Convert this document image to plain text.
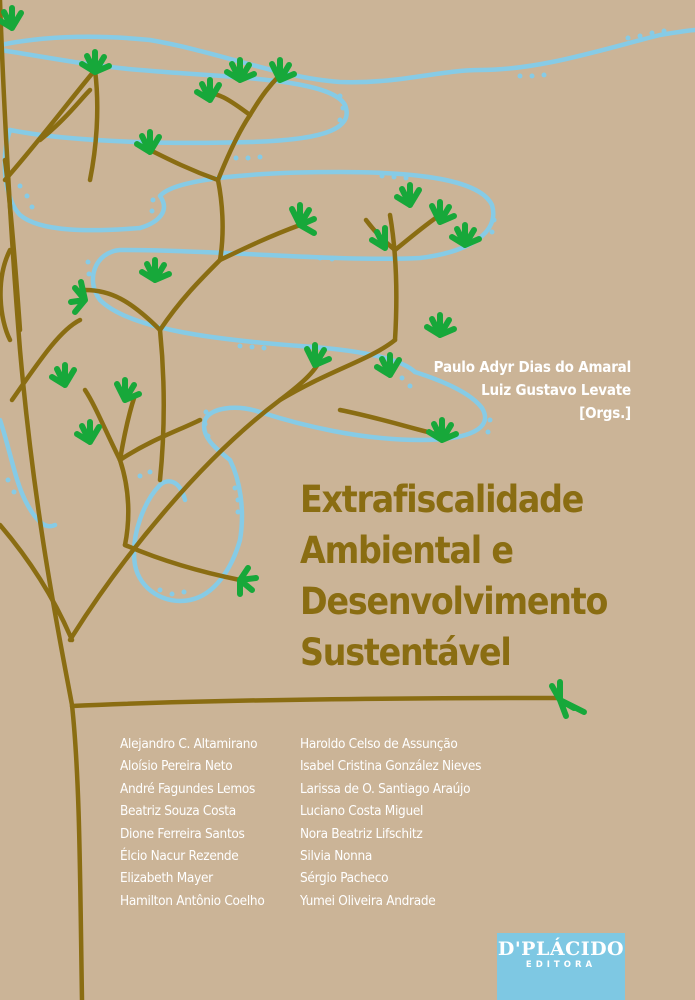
Paulo Adyr Dias do Amaral
Luiz Gustavo Levate
[Orgs.]
Extrafiscalidade
Ambiental e
Desenvolvimento
Sustentável
Alejandro C. Altamirano
Aloísio Pereira Neto
André Fagundes Lemos
Beatriz Souza Costa
Dione Ferreira Santos
Élcio Nacur Rezende
Elizabeth Mayer
Hamilton Antônio Coelho
Haroldo Celso de Assunção
Isabel Cristina González Nieves
Larissa de O. Santiago Araújo
Luciano Costa Miguel
Nora Beatriz Lifschitz
Silvia Nonna
Sérgio Pacheco
Yumei Oliveira Andrade
D'PLÁCIDO
EDITORA
